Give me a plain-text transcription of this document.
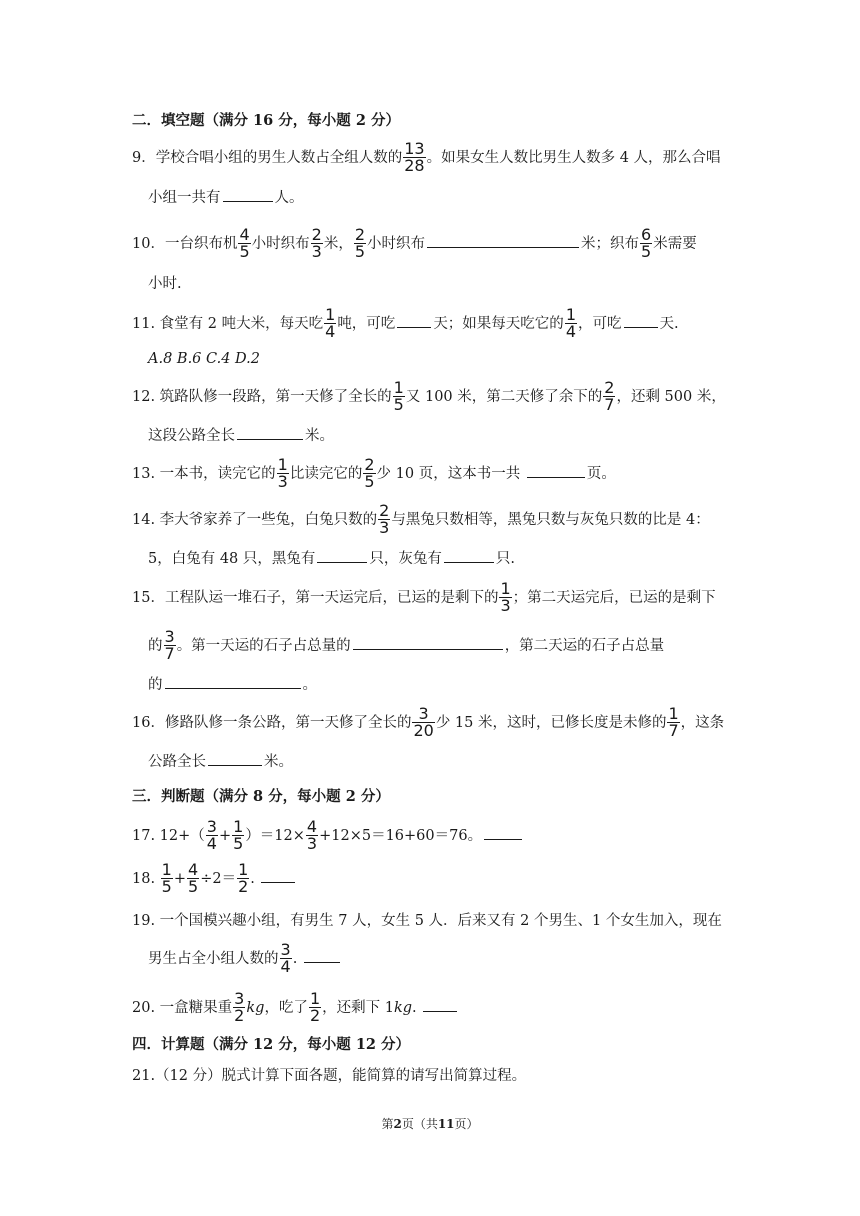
二．填空题（满分 16 分，每小题 2 分）
9．学校合唱小组的男生人数占全组人数的 $\frac{13}{28}$ 。如果女生人数比男生人数多 4 人，那么合唱
小组一共有	人。
10．一台织布机 $\frac{4}{5}$ 小时织布 $\frac{2}{3}$ 米， $\frac{2}{5}$ 小时织布	米；织布 $\frac{6}{5}$ 米需要
小时.
11. 食堂有 2 吨大米，每天吃 $\frac{1}{4}$ 吨，可吃	天；如果每天吃它的 $\frac{1}{4}$ ，可吃	天.
A.8 B.6 C.4 D.2
12. 筑路队修一段路，第一天修了全长的 $\frac{1}{5}$ 又 100 米，第二天修了余下的 $\frac{2}{7}$ ，还剩 500 米，
这段公路全长	米。
13. 一本书，读完它的 $\frac{1}{3}$ 比读完它的 $\frac{2}{5}$ 少 10 页，这本书一共	页。
14. 李大爷家养了一些兔，白兔只数的 $\frac{2}{3}$ 与黑兔只数相等，黑兔只数与灰兔只数的比是 4：
5，白兔有 48 只，黑兔有	只，灰兔有	只.
15．工程队运一堆石子，第一天运完后，已运的是剩下的 $\frac{1}{3}$ ；第二天运完后，已运的是剩下
的 $\frac{3}{7}$ 。第一天运的石子占总量的	，第二天运的石子占总量
的	。
16．修路队修一条公路，第一天修了全长的 $\frac{3}{20}$ 少 15 米，这时，已修长度是未修的 $\frac{1}{7}$ ，这条
公路全长	米。
三．判断题（满分 8 分，每小题 2 分）
17. $12+( \frac{3}{4} + \frac{1}{5} )=12\times \frac{4}{3} +12\times 5=16+60=76$。
18. $\frac{1}{5} + \frac{4}{5} \div 2= \frac{1}{2}$ .
19. 一个国模兴趣小组，有男生 7 人，女生 5 人．后来又有 2 个男生、1 个女生加入，现在
男生占全小组人数的 $\frac{3}{4}$ .
20. 一盒糖果重 $\frac{3}{2}$ kg，吃了 $\frac{1}{2}$ ，还剩下 1kg.
四．计算题（满分 12 分，每小题 12 分）
21.（12 分）脱式计算下面各题，能简算的请写出简算过程。
第2页（共11页）
